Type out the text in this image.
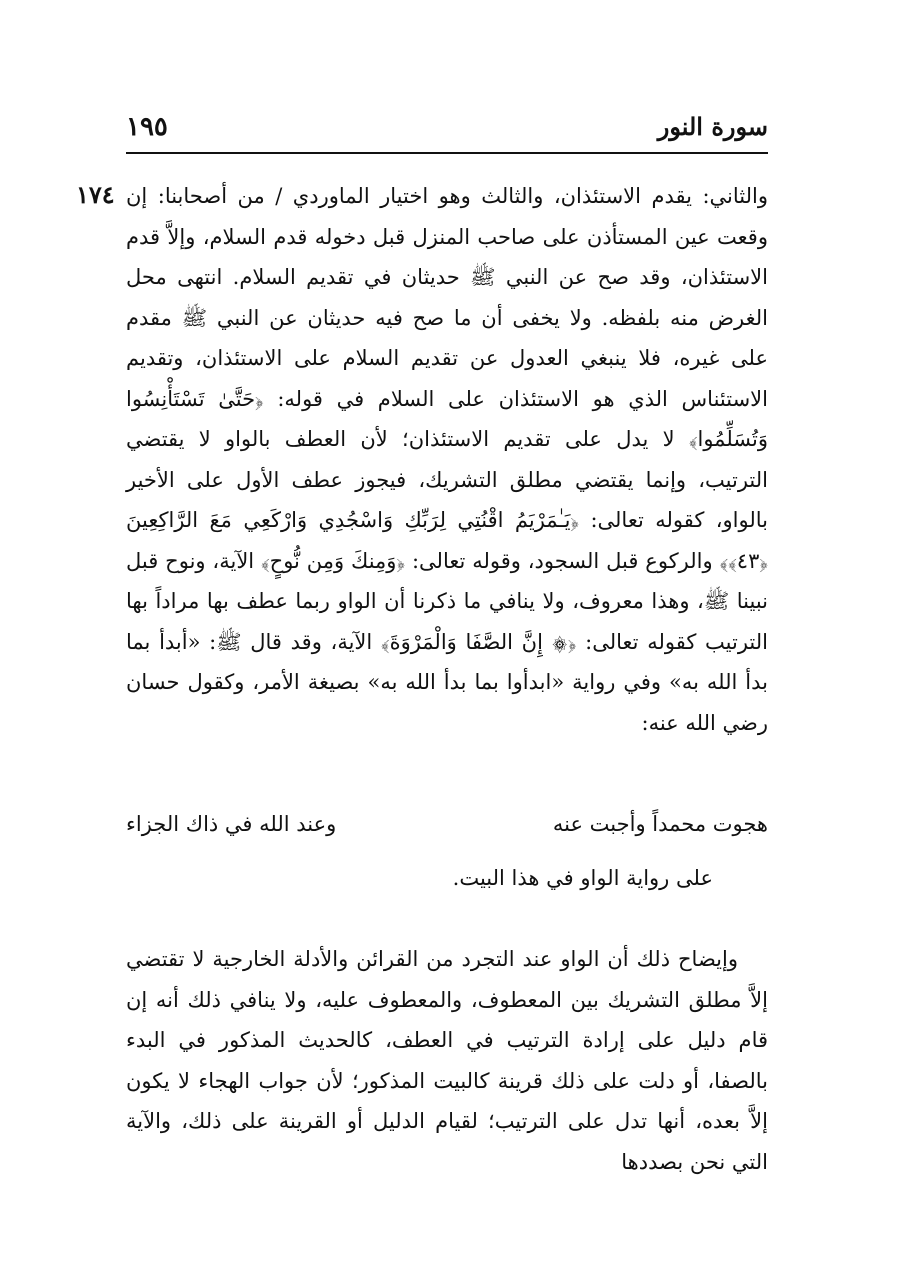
سورة النور
١٩٥
١٧٤ والثاني: يقدم الاستئذان، والثالث وهو اختيار الماوردي / من أصحابنا: إن وقعت عين المستأذن على صاحب المنزل قبل دخوله قدم السلام، وإلاَّ قدم الاستئذان، وقد صح عن النبي ﷺ حديثان في تقديم السلام. انتهى محل الغرض منه بلفظه. ولا يخفى أن ما صح فيه حديثان عن النبي ﷺ مقدم على غيره، فلا ينبغي العدول عن تقديم السلام على الاستئذان، وتقديم الاستئناس الذي هو الاستئذان على السلام في قوله: ﴿حَتَّىٰ تَسْتَأْنِسُوا وَتُسَلِّمُوا﴾ لا يدل على تقديم الاستئذان؛ لأن العطف بالواو لا يقتضي الترتيب، وإنما يقتضي مطلق التشريك، فيجوز عطف الأول على الأخير بالواو، كقوله تعالى: ﴿يَـٰمَرْيَمُ اقْنُتِي لِرَبِّكِ وَاسْجُدِي وَارْكَعِي مَعَ الرَّاكِعِينَ ﴿٤٣﴾﴾ والركوع قبل السجود، وقوله تعالى: ﴿وَمِنكَ وَمِن نُّوحٍ﴾ الآية، ونوح قبل نبينا ﷺ، وهذا معروف، ولا ينافي ما ذكرنا أن الواو ربما عطف بها مراداً بها الترتيب كقوله تعالى: ﴿۞ إِنَّ الصَّفَا وَالْمَرْوَةَ﴾ الآية، وقد قال ﷺ: «أبدأ بما بدأ الله به» وفي رواية «ابدأوا بما بدأ الله به» بصيغة الأمر، وكقول حسان رضي الله عنه:

هجوت محمداً وأجبت عنه
وعند الله في ذاك الجزاء
على رواية الواو في هذا البيت.

وإيضاح ذلك أن الواو عند التجرد من القرائن والأدلة الخارجية لا تقتضي إلاَّ مطلق التشريك بين المعطوف، والمعطوف عليه، ولا ينافي ذلك أنه إن قام دليل على إرادة الترتيب في العطف، كالحديث المذكور في البدء بالصفا، أو دلت على ذلك قرينة كالبيت المذكور؛ لأن جواب الهجاء لا يكون إلاَّ بعده، أنها تدل على الترتيب؛ لقيام الدليل أو القرينة على ذلك، والآية التي نحن بصددها
